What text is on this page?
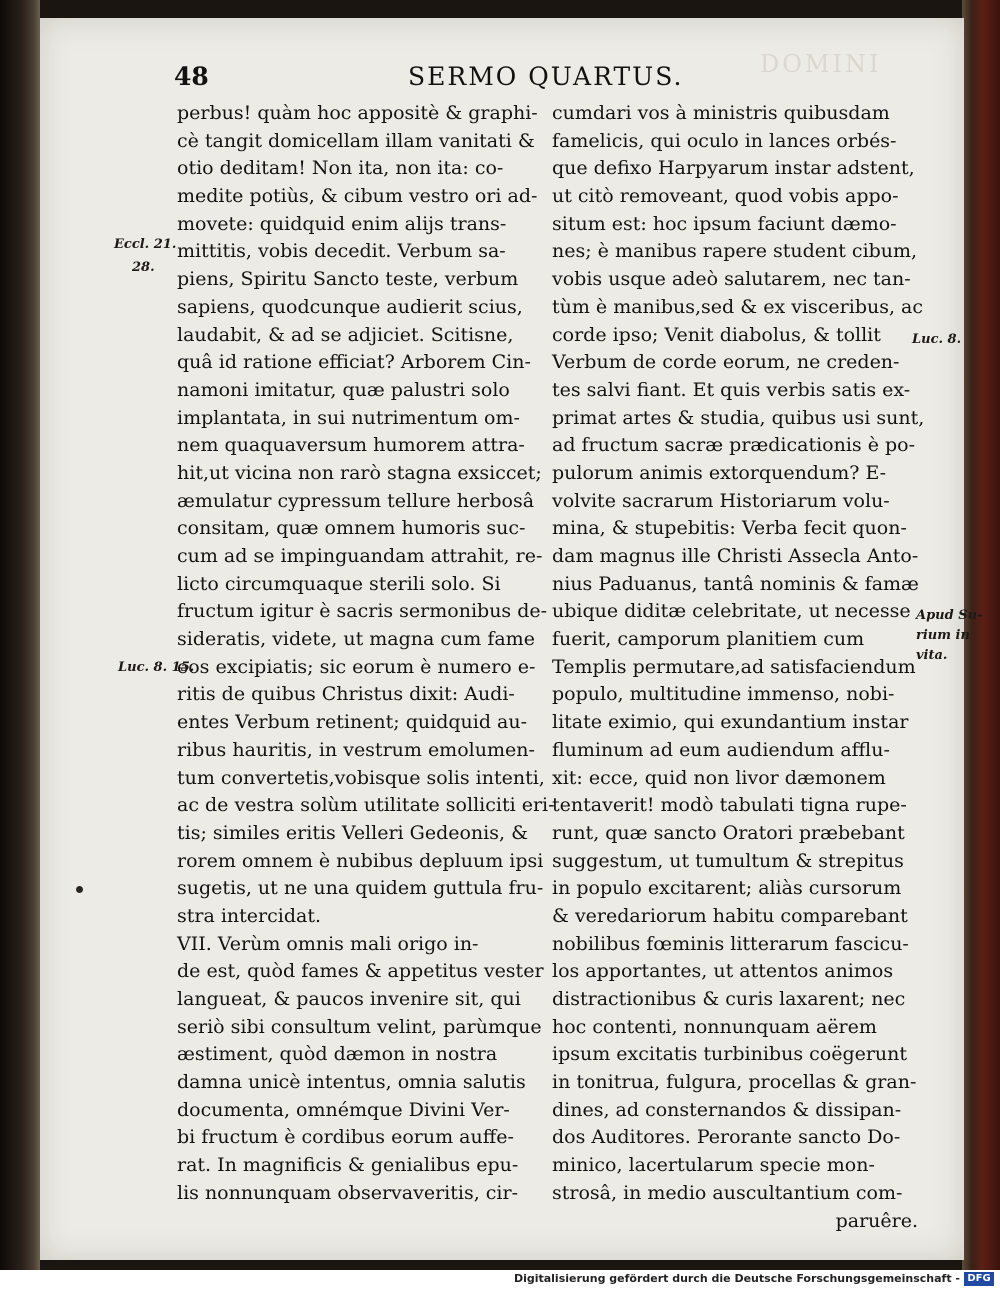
DOMINI
48	SERMO QUARTUS.
perbus! quàm hoc appositè & graphi-
cè tangit domicellam illam vanitati &
otio deditam! Non ita, non ita: co-
medite potiùs, & cibum vestro ori ad-
movete: quidquid enim alijs trans-
mittitis, vobis decedit. Verbum sa-
piens, Spiritu Sancto teste, verbum
sapiens, quodcunque audierit scius,
laudabit, & ad se adjiciet. Scitisne,
quâ id ratione efficiat? Arborem Cin-
namoni imitatur, quæ palustri solo
implantata, in sui nutrimentum om-
nem quaquaversum humorem attra-
hit,ut vicina non rarò stagna exsiccet;
æmulatur cypressum tellure herbosâ
consitam, quæ omnem humoris suc-
cum ad se impinguandam attrahit, re-
licto circumquaque sterili solo. Si
fructum igitur è sacris sermonibus de-
sideratis, videte, ut magna cum fame
eos excipiatis; sic eorum è numero e-
ritis de quibus Christus dixit: Audi-
entes Verbum retinent; quidquid au-
ribus hauritis, in vestrum emolumen-
tum convertetis,vobisque solis intenti,
ac de vestra solùm utilitate solliciti eri-
tis; similes eritis Velleri Gedeonis, &
rorem omnem è nubibus depluum ipsi
sugetis, ut ne una quidem guttula fru-
stra intercidat.
VII. Verùm omnis mali origo in-
de est, quòd fames & appetitus vester
langueat, & paucos invenire sit, qui
seriò sibi consultum velint, parùmque
æstiment, quòd dæmon in nostra
damna unicè intentus, omnia salutis
documenta, omnémque Divini Ver-
bi fructum è cordibus eorum auffe-
rat. In magnificis & genialibus epu-
lis nonnunquam observaveritis, cir-
cumdari vos à ministris quibusdam
famelicis, qui oculo in lances orbés-
que defixo Harpyarum instar adstent,
ut citò removeant, quod vobis appo-
situm est: hoc ipsum faciunt dæmo-
nes; è manibus rapere student cibum,
vobis usque adeò salutarem, nec tan-
tùm è manibus,sed & ex visceribus, ac
corde ipso; Venit diabolus, & tollit
Verbum de corde eorum, ne creden-
tes salvi fiant. Et quis verbis satis ex-
primat artes & studia, quibus usi sunt,
ad fructum sacræ prædicationis è po-
pulorum animis extorquendum? E-
volvite sacrarum Historiarum volu-
mina, & stupebitis: Verba fecit quon-
dam magnus ille Christi Assecla Anto-
nius Paduanus, tantâ nominis & famæ
ubique diditæ celebritate, ut necesse
fuerit, camporum planitiem cum
Templis permutare,ad satisfaciendum
populo, multitudine immenso, nobi-
litate eximio, qui exundantium instar
fluminum ad eum audiendum afflu-
xit: ecce, quid non livor dæmonem
tentaverit! modò tabulati tigna rupe-
runt, quæ sancto Oratori præbebant
suggestum, ut tumultum & strepitus
in populo excitarent; aliàs cursorum
& veredariorum habitu comparebant
nobilibus fœminis litterarum fascicu-
los apportantes, ut attentos animos
distractionibus & curis laxarent; nec
hoc contenti, nonnunquam aërem
ipsum excitatis turbinibus coëgerunt
in tonitrua, fulgura, procellas & gran-
dines, ad consternandos & dissipan-
dos Auditores. Perorante sancto Do-
minico, lacertularum specie mon-
strosâ, in medio auscultantium com-
paruêre.
Eccl. 21.
28.
Luc. 8. 15.
Luc. 8.
Apud Su-
rium in
vita.
Digitalisierung gefördert durch die Deutsche Forschungsgemeinschaft - DFG
